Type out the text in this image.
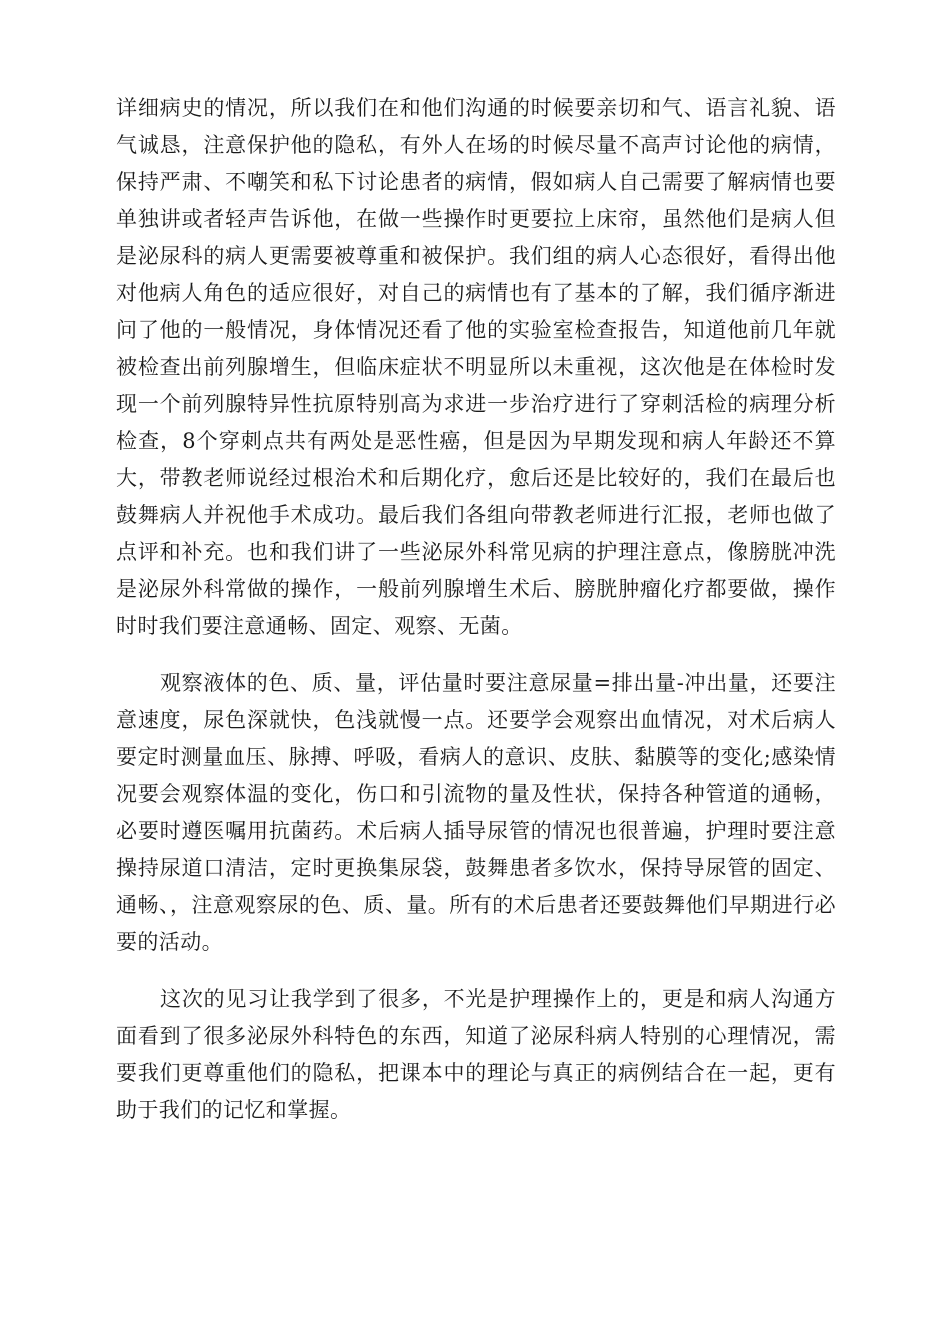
详细病史的情况，所以我们在和他们沟通的时候要亲切和气、语言礼貌、语气诚恳，注意保护他的隐私，有外人在场的时候尽量不高声讨论他的病情，保持严肃、不嘲笑和私下讨论患者的病情，假如病人自己需要了解病情也要单独讲或者轻声告诉他，在做一些操作时更要拉上床帘，虽然他们是病人但是泌尿科的病人更需要被尊重和被保护。我们组的病人心态很好，看得出他对他病人角色的适应很好，对自己的病情也有了基本的了解，我们循序渐进问了他的一般情况，身体情况还看了他的实验室检查报告，知道他前几年就被检查出前列腺增生，但临床症状不明显所以未重视，这次他是在体检时发现一个前列腺特异性抗原特别高为求进一步治疗进行了穿刺活检的病理分析检查，8个穿刺点共有两处是恶性癌，但是因为早期发现和病人年龄还不算大，带教老师说经过根治术和后期化疗，愈后还是比较好的，我们在最后也鼓舞病人并祝他手术成功。最后我们各组向带教老师进行汇报，老师也做了点评和补充。也和我们讲了一些泌尿外科常见病的护理注意点，像膀胱冲洗是泌尿外科常做的操作，一般前列腺增生术后、膀胱肿瘤化疗都要做，操作时时我们要注意通畅、固定、观察、无菌。

观察液体的色、质、量，评估量时要注意尿量=排出量-冲出量，还要注意速度，尿色深就快，色浅就慢一点。还要学会观察出血情况，对术后病人要定时测量血压、脉搏、呼吸，看病人的意识、皮肤、黏膜等的变化;感染情况要会观察体温的变化，伤口和引流物的量及性状，保持各种管道的通畅，必要时遵医嘱用抗菌药。术后病人插导尿管的情况也很普遍，护理时要注意操持尿道口清洁，定时更换集尿袋，鼓舞患者多饮水，保持导尿管的固定、通畅、，注意观察尿的色、质、量。所有的术后患者还要鼓舞他们早期进行必要的活动。

这次的见习让我学到了很多，不光是护理操作上的，更是和病人沟通方面看到了很多泌尿外科特色的东西，知道了泌尿科病人特别的心理情况，需要我们更尊重他们的隐私，把课本中的理论与真正的病例结合在一起，更有助于我们的记忆和掌握。
